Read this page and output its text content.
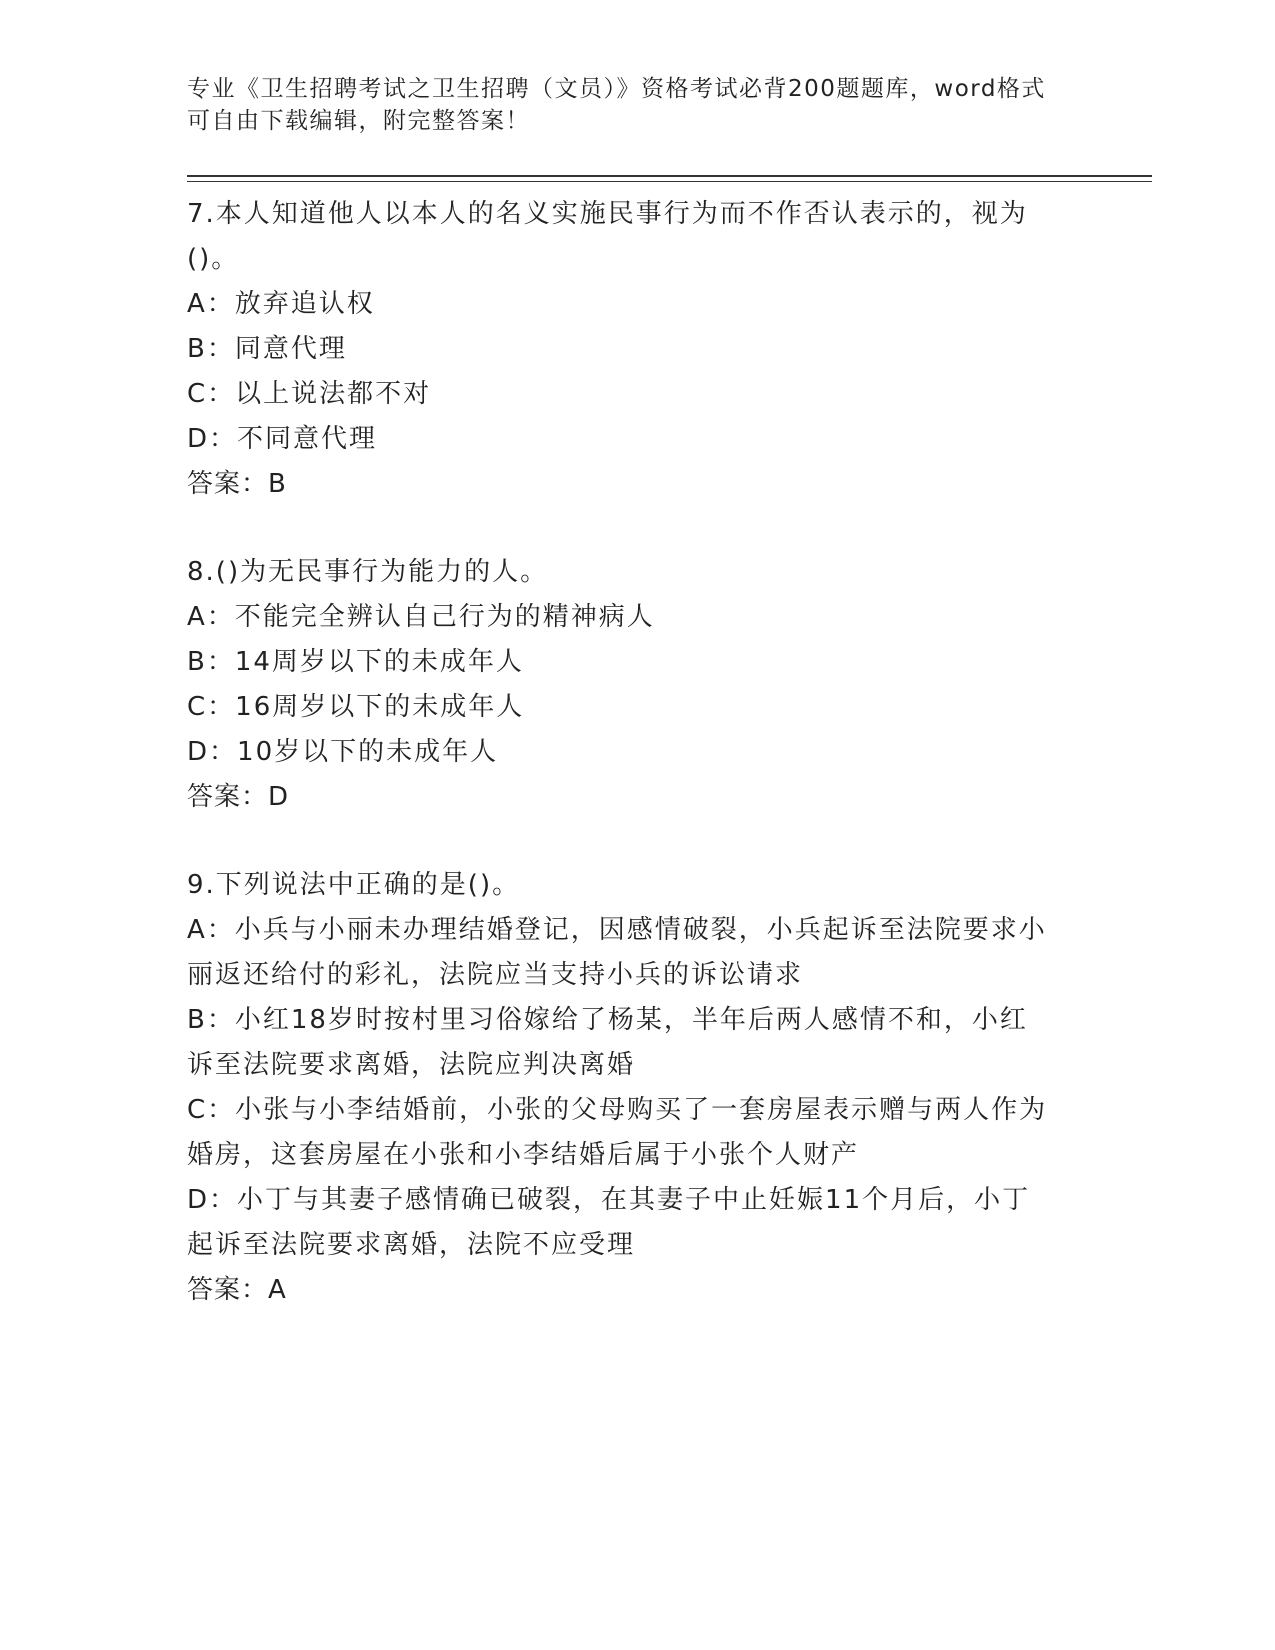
专业《卫生招聘考试之卫生招聘（文员）》资格考试必背200题题库，word格式

可自由下载编辑，附完整答案！

7.本人知道他人以本人的名义实施民事行为而不作否认表示的，视为
()。
A：放弃追认权
B：同意代理
C：以上说法都不对
D：不同意代理
答案：B
8.()为无民事行为能力的人。
A：不能完全辨认自己行为的精神病人
B：14周岁以下的未成年人
C：16周岁以下的未成年人
D：10岁以下的未成年人
答案：D
9.下列说法中正确的是()。
A：小兵与小丽未办理结婚登记，因感情破裂，小兵起诉至法院要求小
丽返还给付的彩礼，法院应当支持小兵的诉讼请求
B：小红18岁时按村里习俗嫁给了杨某，半年后两人感情不和，小红
诉至法院要求离婚，法院应判决离婚
C：小张与小李结婚前，小张的父母购买了一套房屋表示赠与两人作为
婚房，这套房屋在小张和小李结婚后属于小张个人财产
D：小丁与其妻子感情确已破裂，在其妻子中止妊娠11个月后，小丁
起诉至法院要求离婚，法院不应受理
答案：A
